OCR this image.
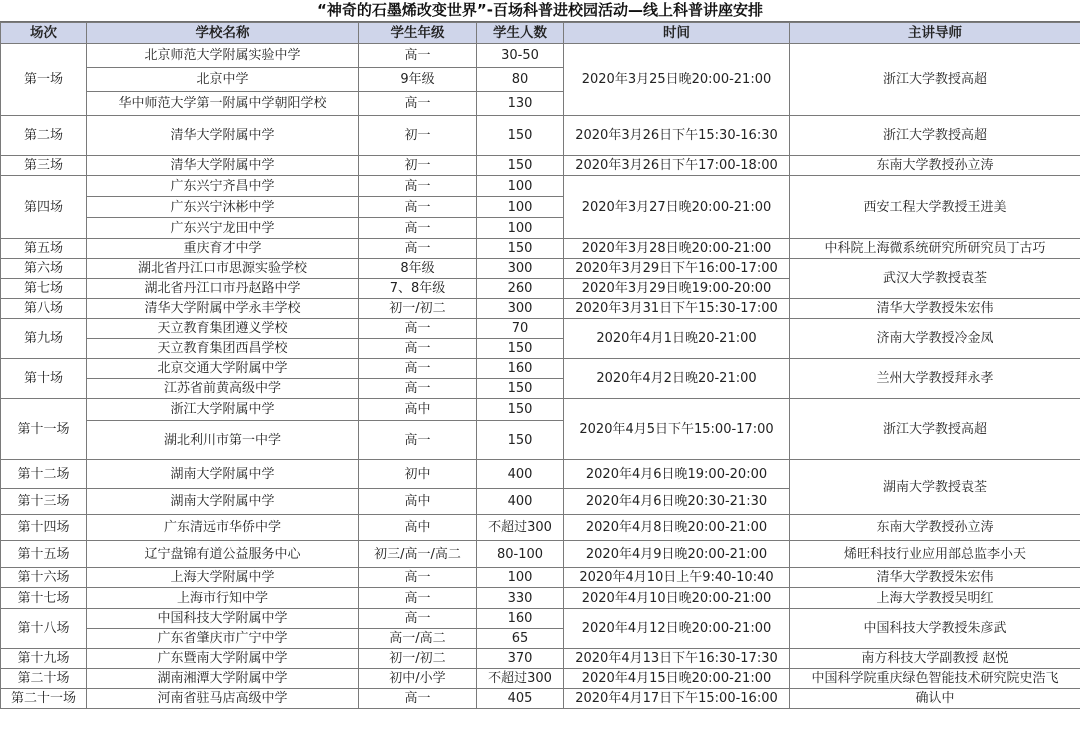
“神奇的石墨烯改变世界”-百场科普进校园活动—线上科普讲座安排
场次	学校名称	学生年级	学生人数	时间	主讲导师
第一场	北京师范大学附属实验中学	高一	30-50	2020年3月25日晚20:00-21:00	浙江大学教授高超
	北京中学	9年级	80		
	华中师范大学第一附属中学朝阳学校	高一	130		
第二场	清华大学附属中学	初一	150	2020年3月26日下午15:30-16:30	浙江大学教授高超
第三场	清华大学附属中学	初一	150	2020年3月26日下午17:00-18:00	东南大学教授孙立涛
第四场	广东兴宁齐昌中学	高一	100	2020年3月27日晚20:00-21:00	西安工程大学教授王进美
	广东兴宁沐彬中学	高一	100		
	广东兴宁龙田中学	高一	100		
第五场	重庆育才中学	高一	150	2020年3月28日晚20:00-21:00	中科院上海微系统研究所研究员丁古巧
第六场	湖北省丹江口市思源实验学校	8年级	300	2020年3月29日下午16:00-17:00	武汉大学教授袁荃
第七场	湖北省丹江口市丹赵路中学	7、8年级	260	2020年3月29日晚19:00-20:00	
第八场	清华大学附属中学永丰学校	初一/初二	300	2020年3月31日下午15:30-17:00	清华大学教授朱宏伟
第九场	天立教育集团遵义学校	高一	70	2020年4月1日晚20-21:00	济南大学教授冷金凤
	天立教育集团西昌学校	高一	150		
第十场	北京交通大学附属中学	高一	160	2020年4月2日晚20-21:00	兰州大学教授拜永孝
	江苏省前黄高级中学	高一	150		
第十一场	浙江大学附属中学	高中	150	2020年4月5日下午15:00-17:00	浙江大学教授高超
	湖北利川市第一中学	高一	150		
第十二场	湖南大学附属中学	初中	400	2020年4月6日晚19:00-20:00	湖南大学教授袁荃
第十三场	湖南大学附属中学	高中	400	2020年4月6日晚20:30-21:30	
第十四场	广东清远市华侨中学	高中	不超过300	2020年4月8日晚20:00-21:00	东南大学教授孙立涛
第十五场	辽宁盘锦有道公益服务中心	初三/高一/高二	80-100	2020年4月9日晚20:00-21:00	烯旺科技行业应用部总监李小天
第十六场	上海大学附属中学	高一	100	2020年4月10日上午9:40-10:40	清华大学教授朱宏伟
第十七场	上海市行知中学	高一	330	2020年4月10日晚20:00-21:00	上海大学教授吴明红
第十八场	中国科技大学附属中学	高一	160	2020年4月12日晚20:00-21:00	中国科技大学教授朱彦武
	广东省肇庆市广宁中学	高一/高二	65		
第十九场	广东暨南大学附属中学	初一/初二	370	2020年4月13日下午16:30-17:30	南方科技大学副教授 赵悦
第二十场	湖南湘潭大学附属中学	初中/小学	不超过300	2020年4月15日晚20:00-21:00	中国科学院重庆绿色智能技术研究院史浩飞
第二十一场	河南省驻马店高级中学	高一	405	2020年4月17日下午15:00-16:00	确认中
